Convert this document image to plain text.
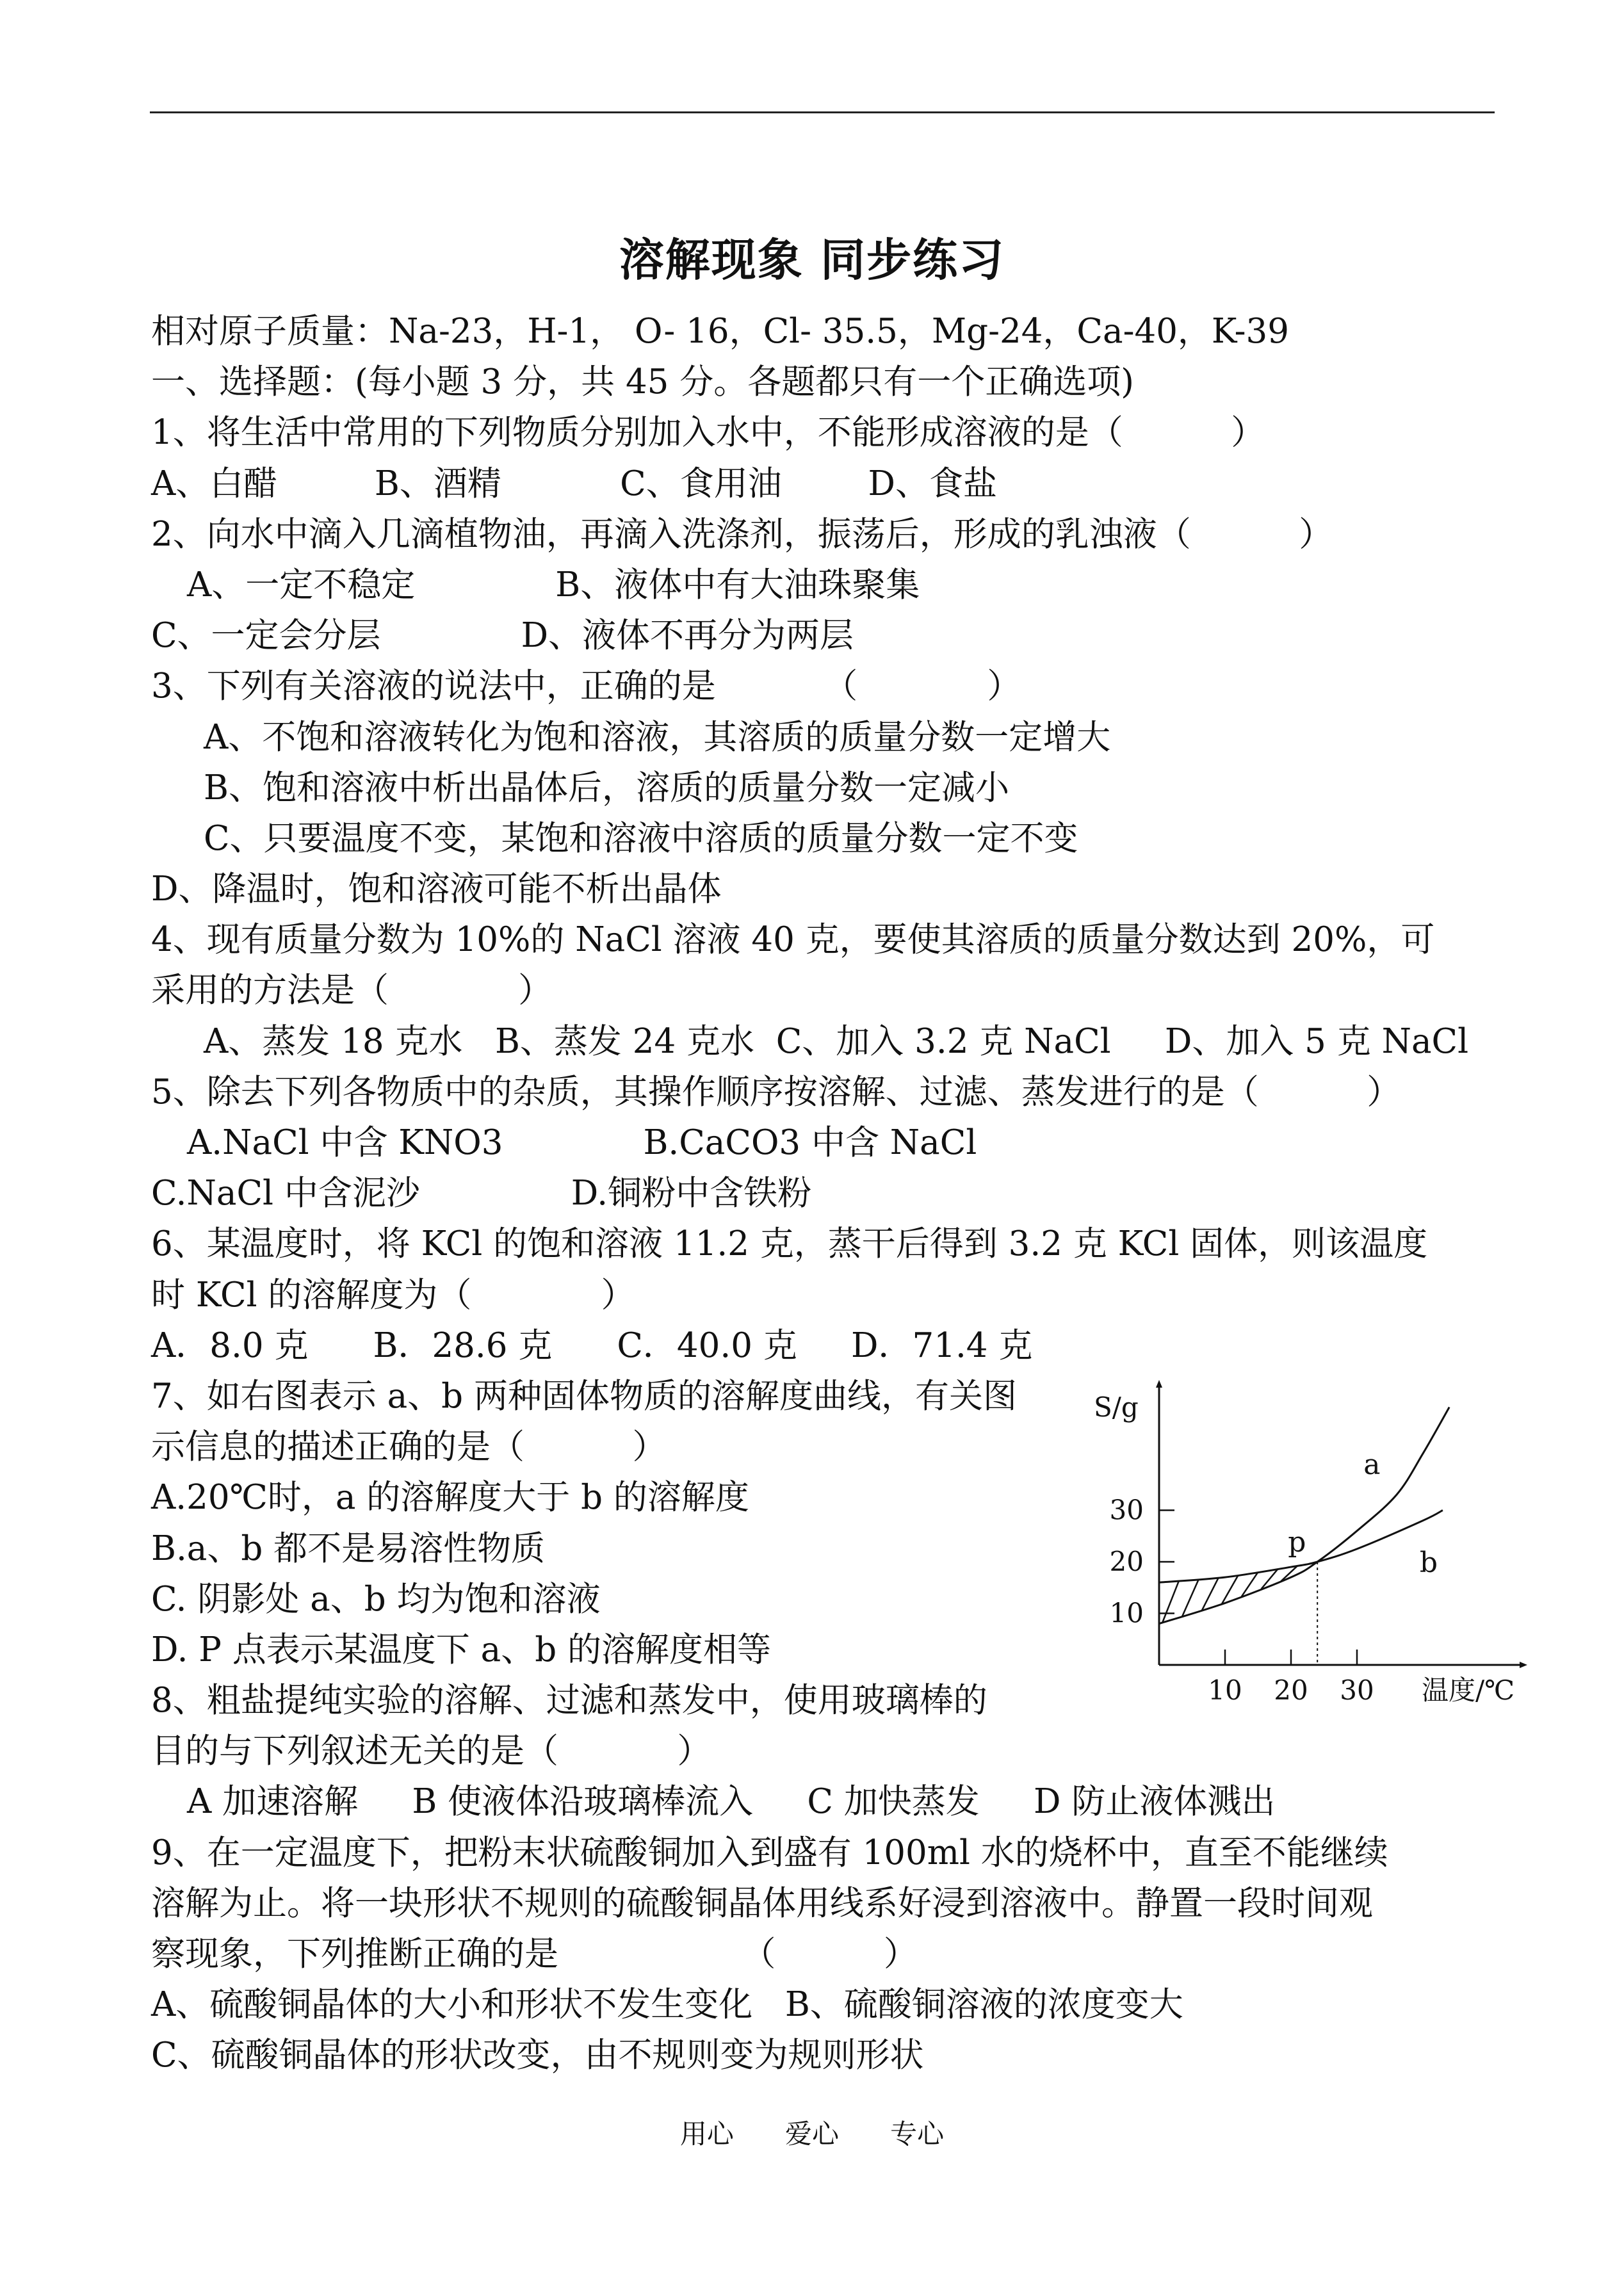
溶解现象 同步练习
相对原子质量：Na-23，H-1， O- 16，Cl- 35.5，Mg-24，Ca-40，K-39
一、选择题：(每小题 3 分，共 45 分。各题都只有一个正确选项)
1、将生活中常用的下列物质分别加入水中，不能形成溶液的是（          ）
A、白醋         B、酒精           C、食用油        D、食盐
2、向水中滴入几滴植物油，再滴入洗涤剂，振荡后，形成的乳浊液（          ）
A、一定不稳定             B、液体中有大油珠聚集
C、一定会分层             D、液体不再分为两层
3、下列有关溶液的说法中，正确的是          （            ）
A、不饱和溶液转化为饱和溶液，其溶质的质量分数一定增大
B、饱和溶液中析出晶体后，溶质的质量分数一定减小
C、只要温度不变，某饱和溶液中溶质的质量分数一定不变
D、降温时，饱和溶液可能不析出晶体
4、现有质量分数为 10%的 NaCl 溶液 40 克，要使其溶质的质量分数达到 20%，可
采用的方法是（            ）
A、蒸发 18 克水   B、蒸发 24 克水  C、加入 3.2 克 NaCl     D、加入 5 克 NaCl
5、除去下列各物质中的杂质，其操作顺序按溶解、过滤、蒸发进行的是（          ）
A.NaCl 中含 KNO3             B.CaCO3 中含 NaCl
C.NaCl 中含泥沙              D.铜粉中含铁粉
6、某温度时，将 KCl 的饱和溶液 11.2 克，蒸干后得到 3.2 克 KCl 固体，则该温度
时 KCl 的溶解度为（            ）
A．8.0 克      B．28.6 克      C．40.0 克     D．71.4 克
7、如右图表示 a、b 两种固体物质的溶解度曲线，有关图
示信息的描述正确的是（          ）
A.20℃时，a 的溶解度大于 b 的溶解度
B.a、b 都不是易溶性物质
C. 阴影处 a、b 均为饱和溶液
D. P 点表示某温度下 a、b 的溶解度相等
8、粗盐提纯实验的溶解、过滤和蒸发中，使用玻璃棒的
目的与下列叙述无关的是（           ）
A 加速溶解     B 使液体沿玻璃棒流入     C 加快蒸发     D 防止液体溅出
9、在一定温度下，把粉末状硫酸铜加入到盛有 100ml 水的烧杯中，直至不能继续
溶解为止。将一块形状不规则的硫酸铜晶体用线系好浸到溶液中。静置一段时间观
察现象，下列推断正确的是                 （          ）
A、硫酸铜晶体的大小和形状不发生变化   B、硫酸铜溶液的浓度变大
C、硫酸铜晶体的形状改变，由不规则变为规则形状
10
20
30
10 20 30
a
b
S/g
温度/℃
p
用心      爱心      专心
